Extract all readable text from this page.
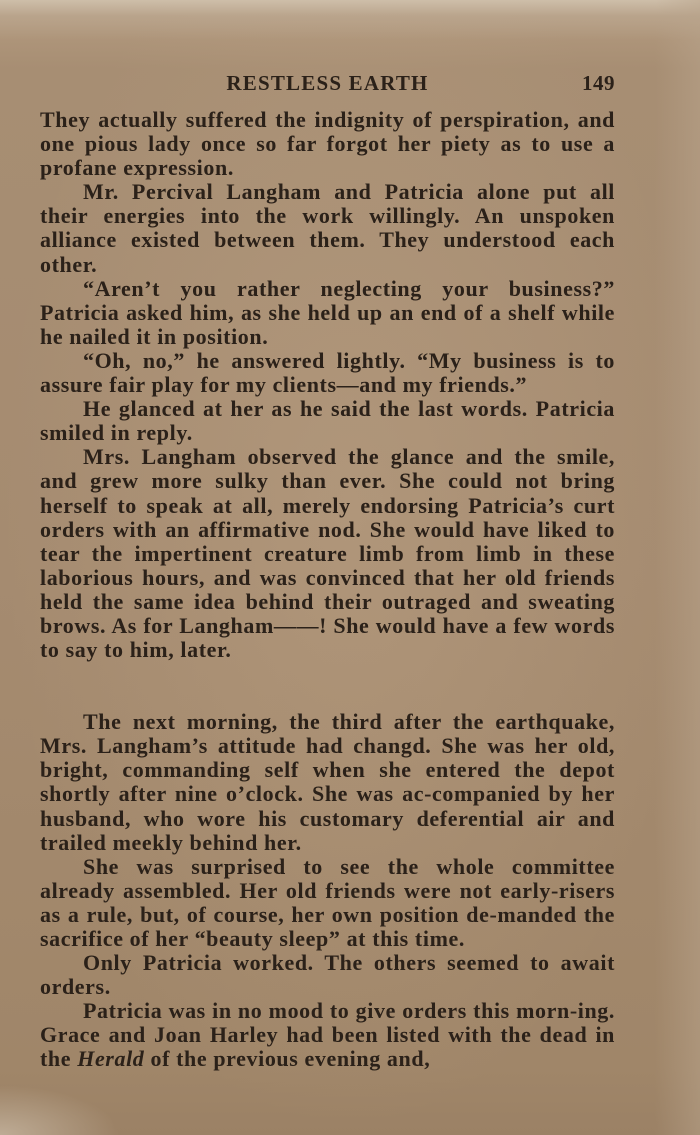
RESTLESS EARTH	149

They actually suffered the indignity of perspiration, and one pious lady once so far forgot her piety as to use a profane expression.

Mr. Percival Langham and Patricia alone put all their energies into the work willingly. An unspoken alliance existed between them. They understood each other.

“Aren’t you rather neglecting your business?” Patricia asked him, as she held up an end of a shelf while he nailed it in position.

“Oh, no,” he answered lightly. “My business is to assure fair play for my clients—and my friends.”

He glanced at her as he said the last words. Patricia smiled in reply.

Mrs. Langham observed the glance and the smile, and grew more sulky than ever. She could not bring herself to speak at all, merely endorsing Patricia’s curt orders with an affirmative nod. She would have liked to tear the impertinent creature limb from limb in these laborious hours, and was convinced that her old friends held the same idea behind their outraged and sweating brows. As for Langham——! She would have a few words to say to him, later.

The next morning, the third after the earthquake, Mrs. Langham’s attitude had changd. She was her old, bright, commanding self when she entered the depot shortly after nine o’clock. She was ac-companied by her husband, who wore his customary deferential air and trailed meekly behind her.

She was surprised to see the whole committee already assembled. Her old friends were not early-risers as a rule, but, of course, her own position de-manded the sacrifice of her “beauty sleep” at this time.

Only Patricia worked. The others seemed to await orders.

Patricia was in no mood to give orders this morn-ing. Grace and Joan Harley had been listed with the dead in the Herald of the previous evening and,
